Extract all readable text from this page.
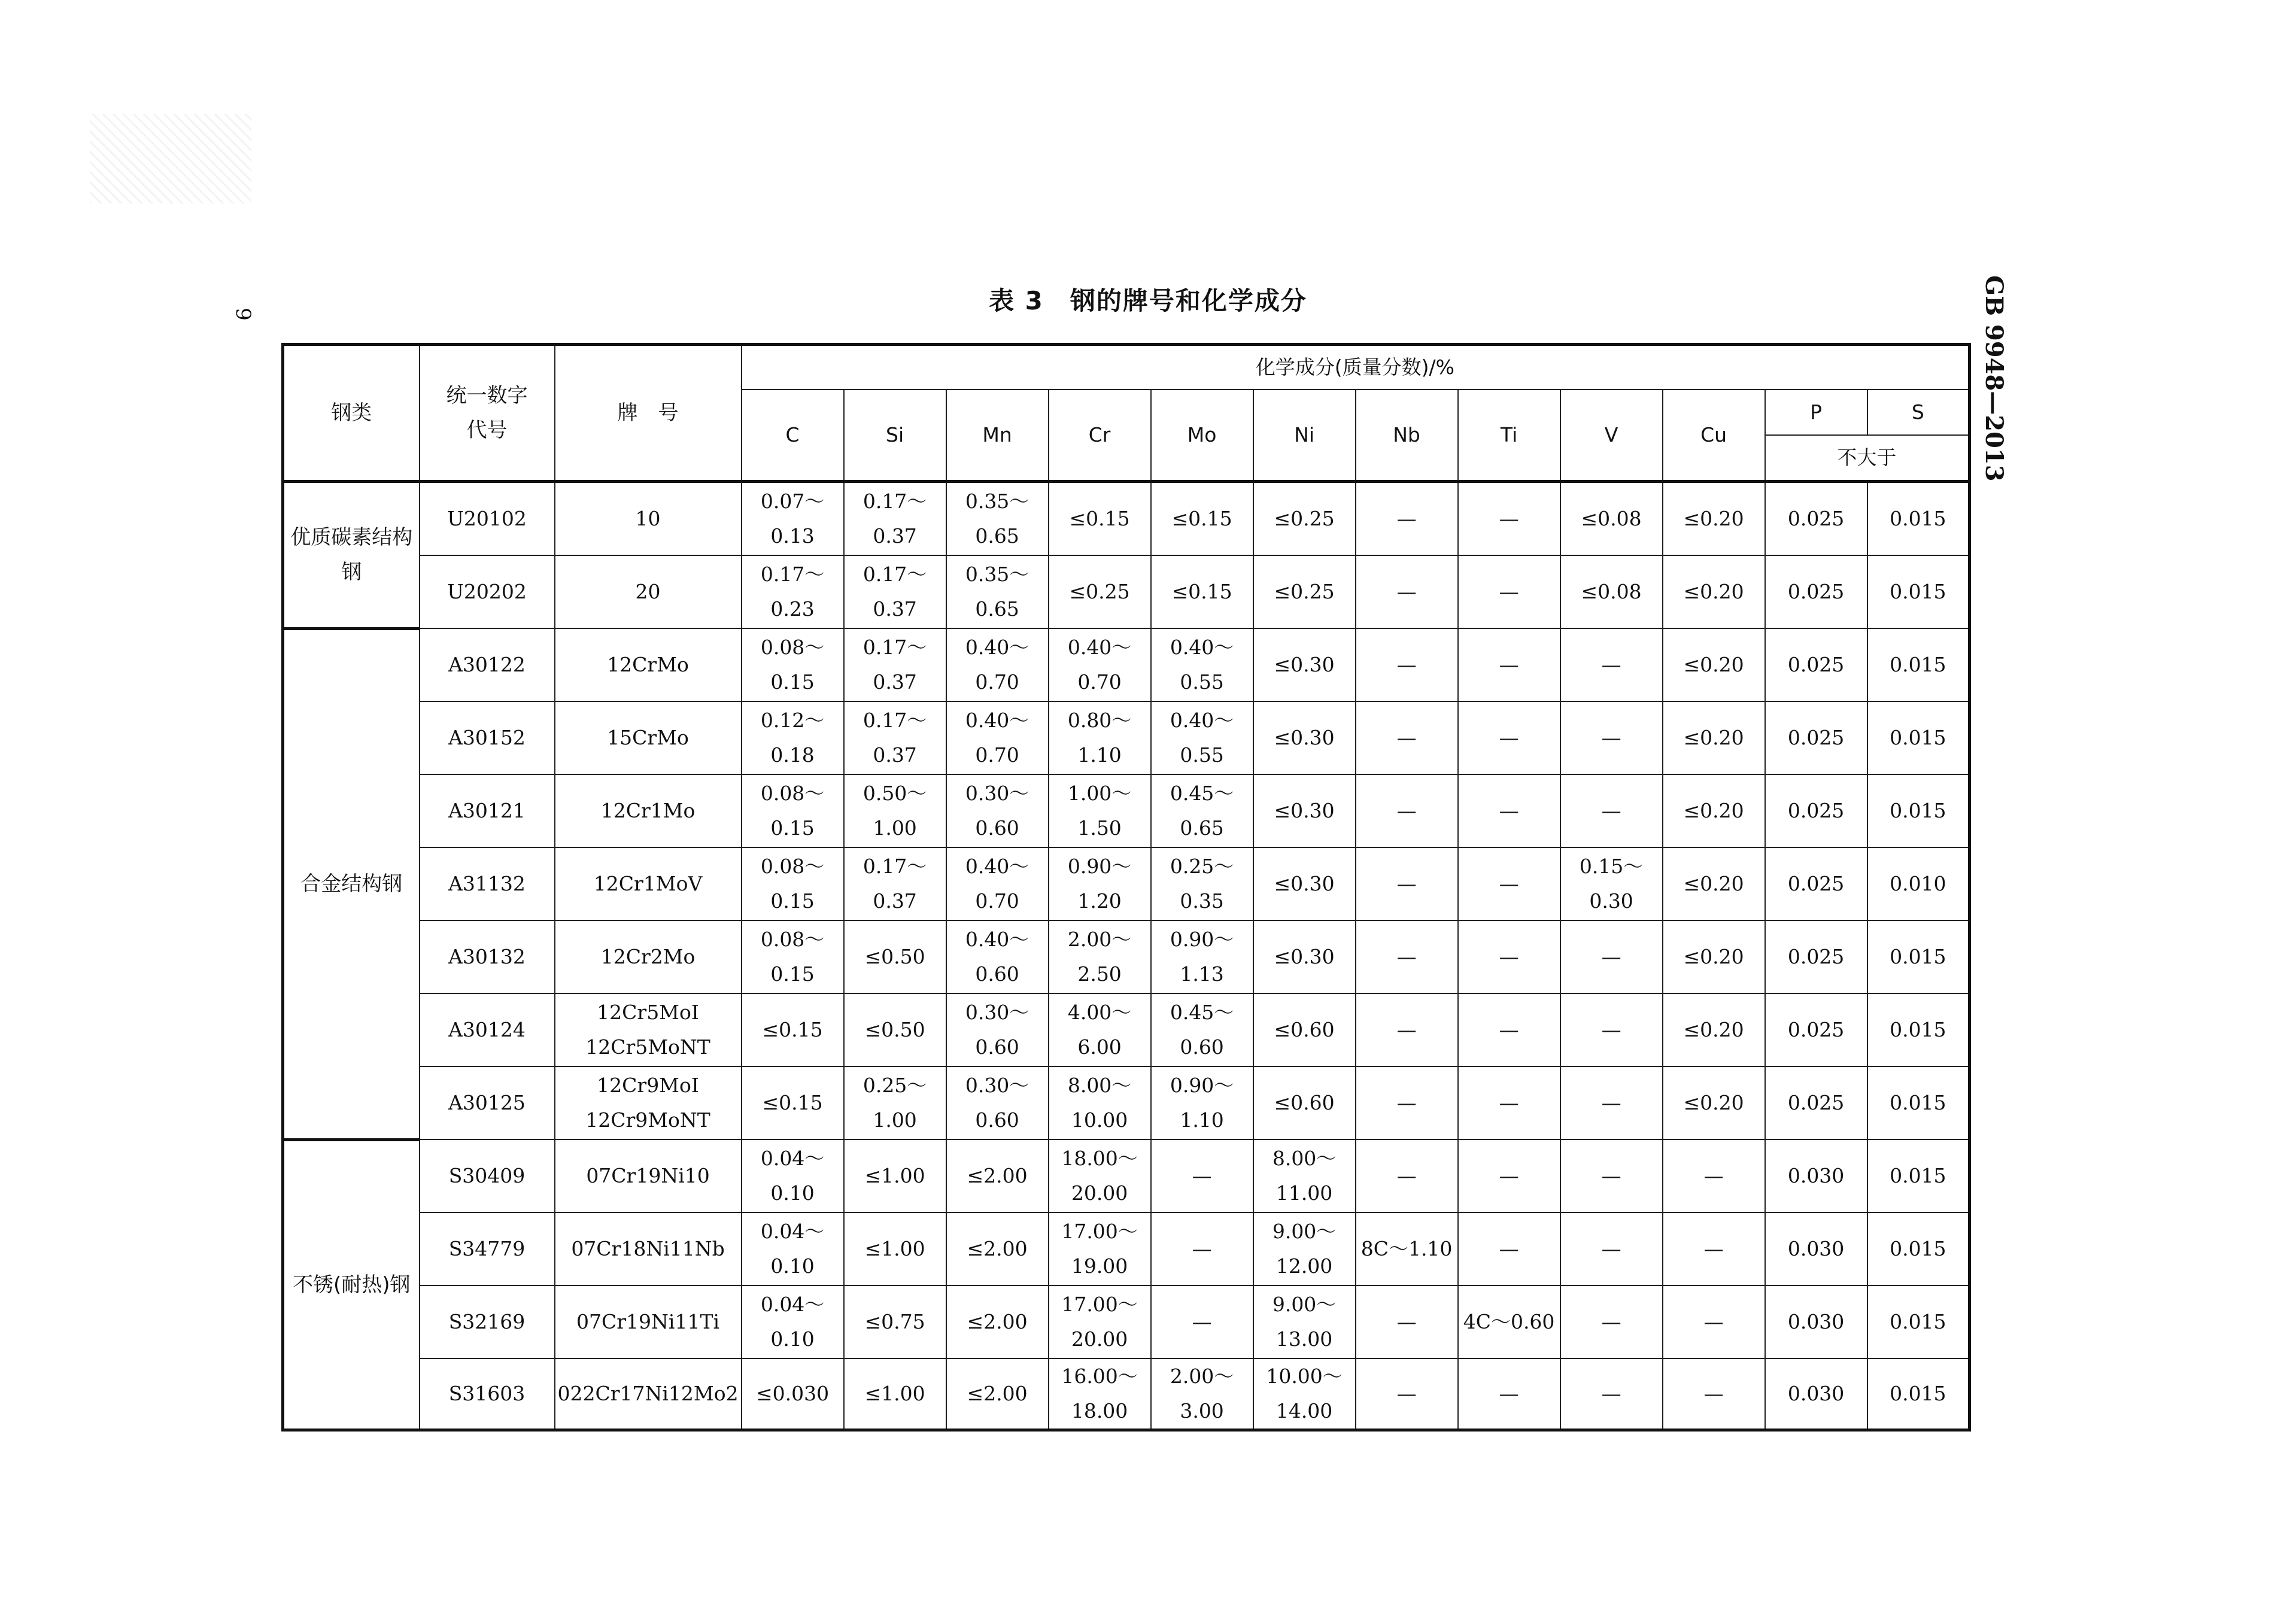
9	GB 9948—2013
表 3　钢的牌号和化学成分
钢类	统一数字代号	牌　号	化学成分(质量分数)/%											
			C	Si	Mn	Cr	Mo	Ni	Nb	Ti	V	Cu	P	S
													不大于	
优质碳素结构钢	U20102	10	0.07～0.13	0.17～0.37	0.35～0.65	≤0.15	≤0.15	≤0.25	—	—	≤0.08	≤0.20	0.025	0.015
	U20202	20	0.17～0.23	0.17～0.37	0.35～0.65	≤0.25	≤0.15	≤0.25	—	—	≤0.08	≤0.20	0.025	0.015
合金结构钢	A30122	12CrMo	0.08～0.15	0.17～0.37	0.40～0.70	0.40～0.70	0.40～0.55	≤0.30	—	—	—	≤0.20	0.025	0.015
	A30152	15CrMo	0.12～0.18	0.17～0.37	0.40～0.70	0.80～1.10	0.40～0.55	≤0.30	—	—	—	≤0.20	0.025	0.015
	A30121	12Cr1Mo	0.08～0.15	0.50～1.00	0.30～0.60	1.00～1.50	0.45～0.65	≤0.30	—	—	—	≤0.20	0.025	0.015
	A31132	12Cr1MoV	0.08～0.15	0.17～0.37	0.40～0.70	0.90～1.20	0.25～0.35	≤0.30	—	—	0.15～0.30	≤0.20	0.025	0.010
	A30132	12Cr2Mo	0.08～0.15	≤0.50	0.40～0.60	2.00～2.50	0.90～1.13	≤0.30	—	—	—	≤0.20	0.025	0.015
	A30124	12Cr5MoI 12Cr5MoNT	≤0.15	≤0.50	0.30～0.60	4.00～6.00	0.45～0.60	≤0.60	—	—	—	≤0.20	0.025	0.015
	A30125	12Cr9MoI 12Cr9MoNT	≤0.15	0.25～1.00	0.30～0.60	8.00～10.00	0.90～1.10	≤0.60	—	—	—	≤0.20	0.025	0.015
不锈(耐热)钢	S30409	07Cr19Ni10	0.04～0.10	≤1.00	≤2.00	18.00～20.00	—	8.00～11.00	—	—	—	—	0.030	0.015
	S34779	07Cr18Ni11Nb	0.04～0.10	≤1.00	≤2.00	17.00～19.00	—	9.00～12.00	8C～1.10	—	—	—	0.030	0.015
	S32169	07Cr19Ni11Ti	0.04～0.10	≤0.75	≤2.00	17.00～20.00	—	9.00～13.00	—	4C～0.60	—	—	0.030	0.015
	S31603	022Cr17Ni12Mo2	≤0.030	≤1.00	≤2.00	16.00～18.00	2.00～3.00	10.00～14.00	—	—	—	—	0.030	0.015
